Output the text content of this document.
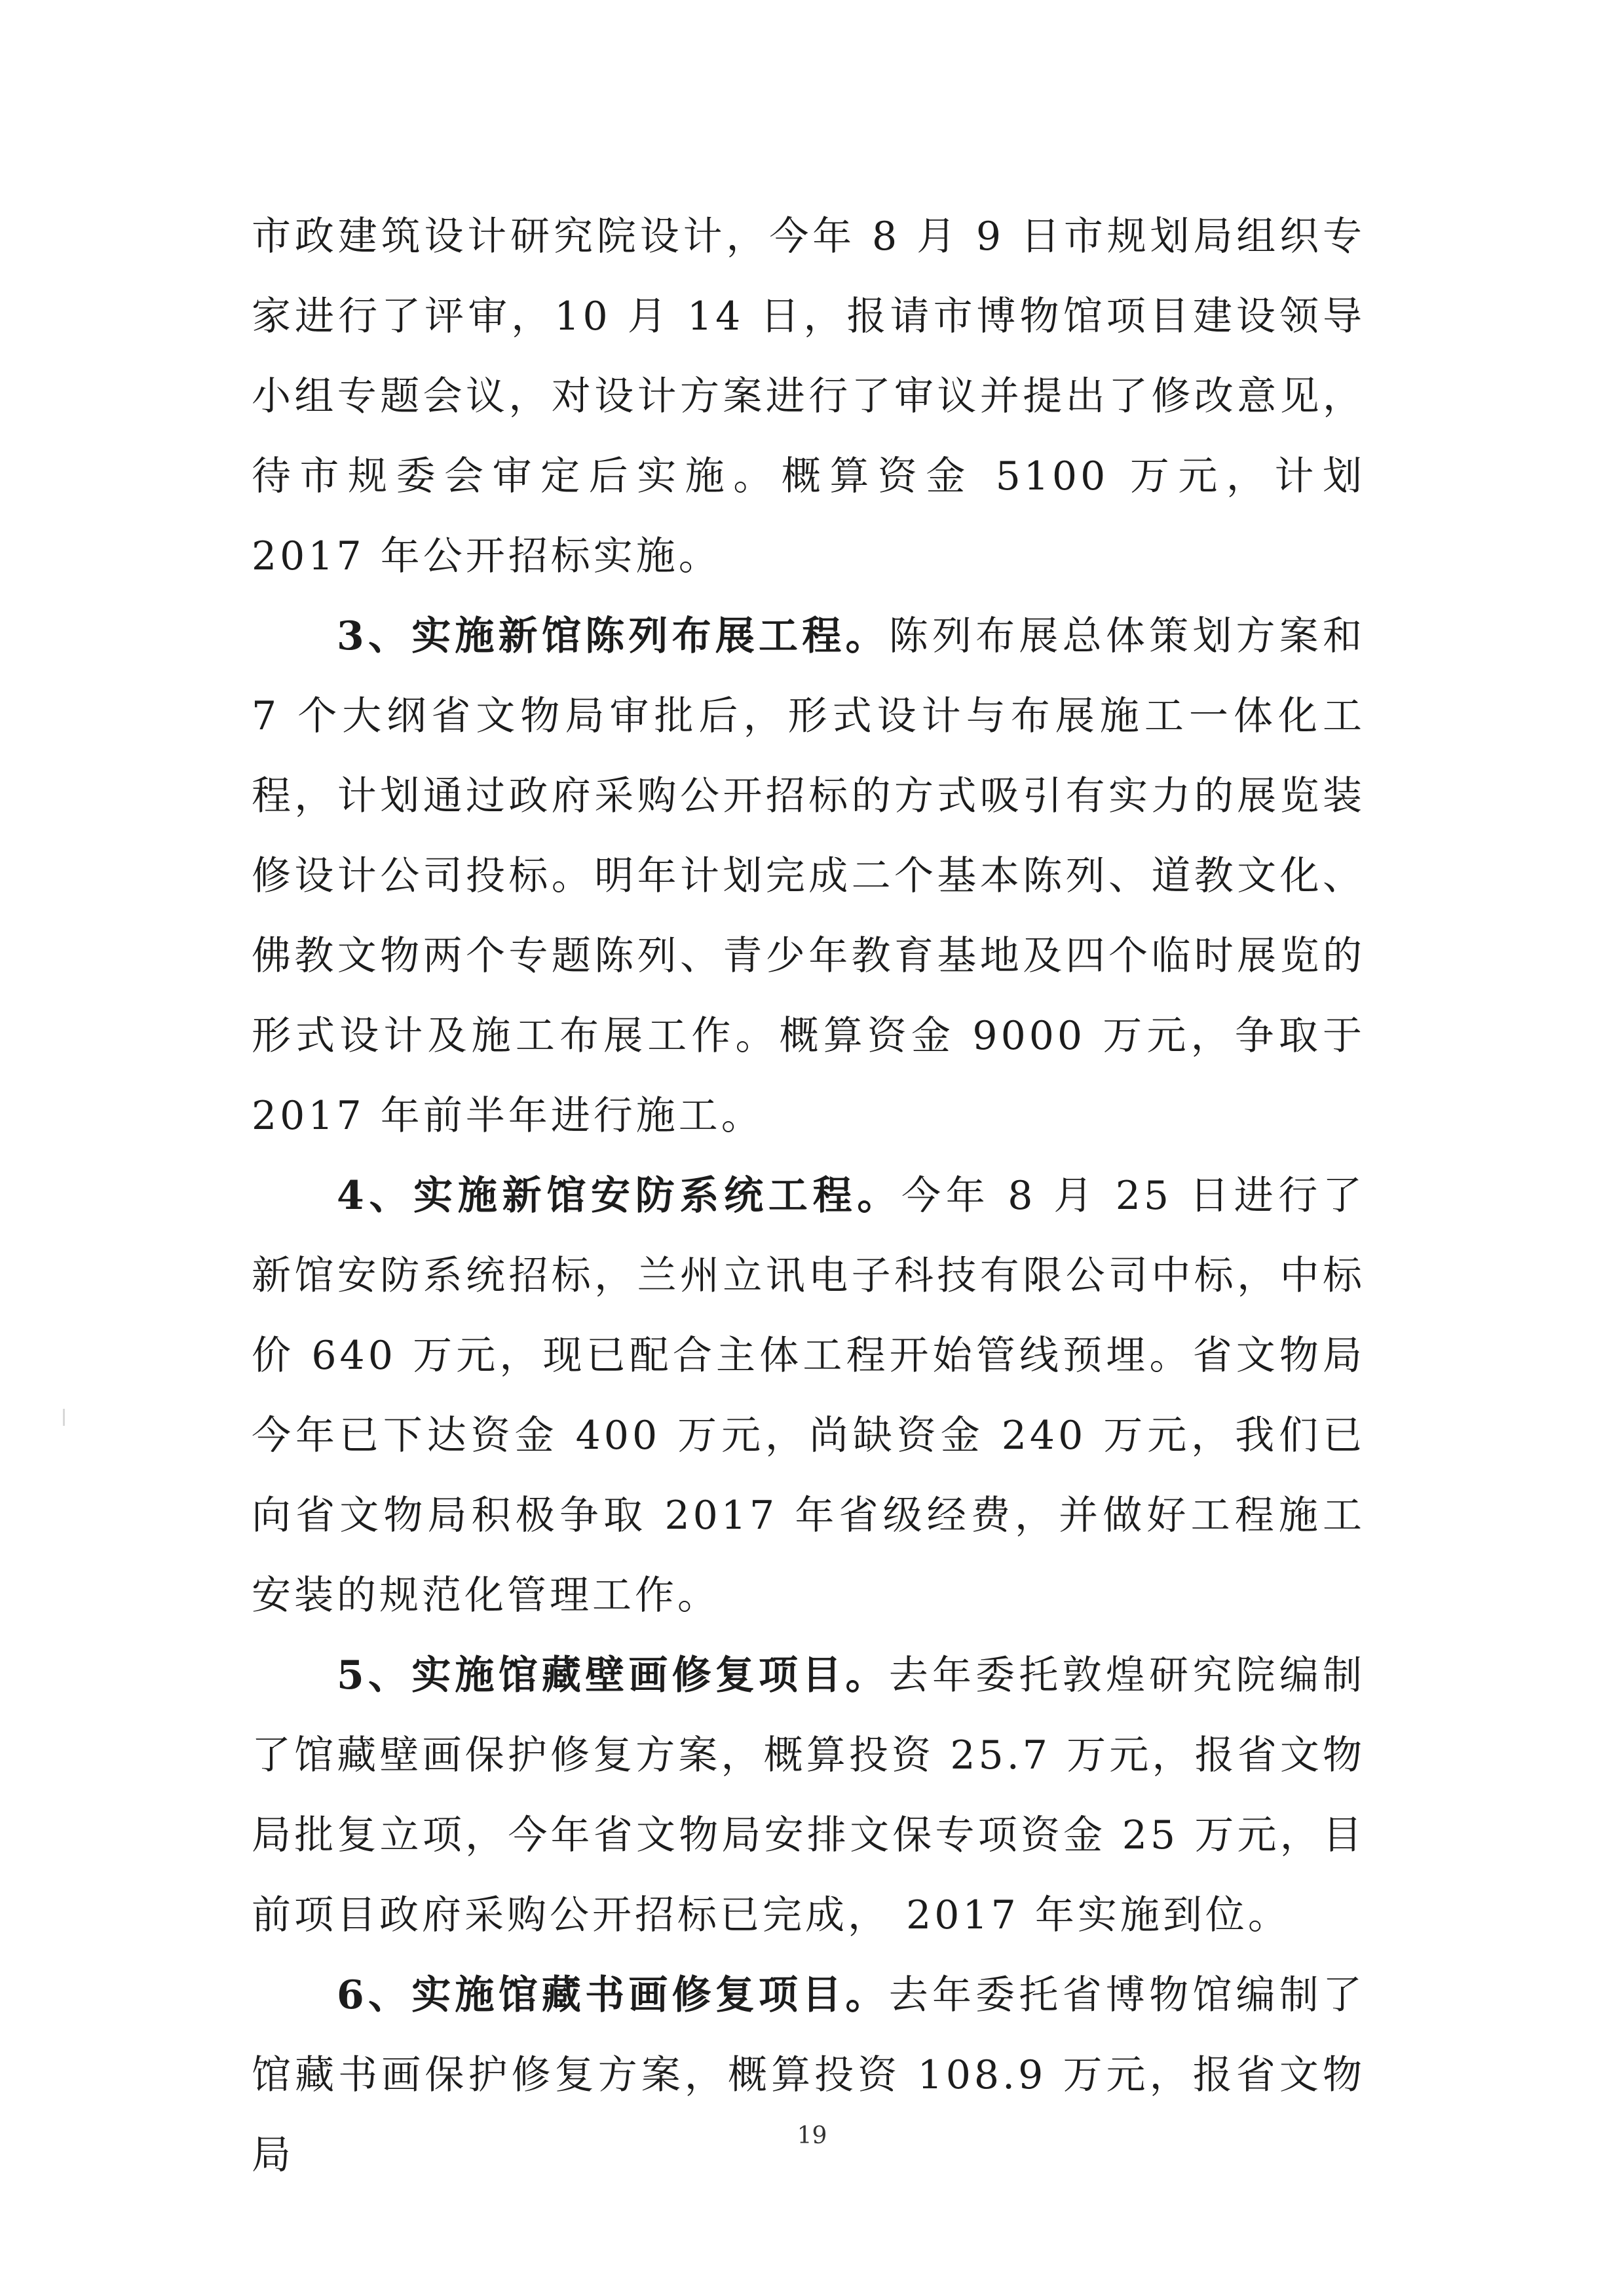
市政建筑设计研究院设计，今年 8 月 9 日市规划局组织专家进行了评审，10 月 14 日，报请市博物馆项目建设领导小组专题会议，对设计方案进行了审议并提出了修改意见，待市规委会审定后实施。概算资金 5100 万元，计划 2017 年公开招标实施。

3、实施新馆陈列布展工程。陈列布展总体策划方案和 7 个大纲省文物局审批后，形式设计与布展施工一体化工程，计划通过政府采购公开招标的方式吸引有实力的展览装修设计公司投标。明年计划完成二个基本陈列、道教文化、佛教文物两个专题陈列、青少年教育基地及四个临时展览的形式设计及施工布展工作。概算资金 9000 万元，争取于 2017 年前半年进行施工。

4、实施新馆安防系统工程。今年 8 月 25 日进行了新馆安防系统招标，兰州立讯电子科技有限公司中标，中标价 640 万元，现已配合主体工程开始管线预埋。省文物局今年已下达资金 400 万元，尚缺资金 240 万元，我们已向省文物局积极争取 2017 年省级经费，并做好工程施工安装的规范化管理工作。

5、实施馆藏壁画修复项目。去年委托敦煌研究院编制了馆藏壁画保护修复方案，概算投资 25.7 万元，报省文物局批复立项，今年省文物局安排文保专项资金 25 万元，目前项目政府采购公开招标已完成， 2017 年实施到位。

6、实施馆藏书画修复项目。去年委托省博物馆编制了馆藏书画保护修复方案，概算投资 108.9 万元，报省文物局	19
